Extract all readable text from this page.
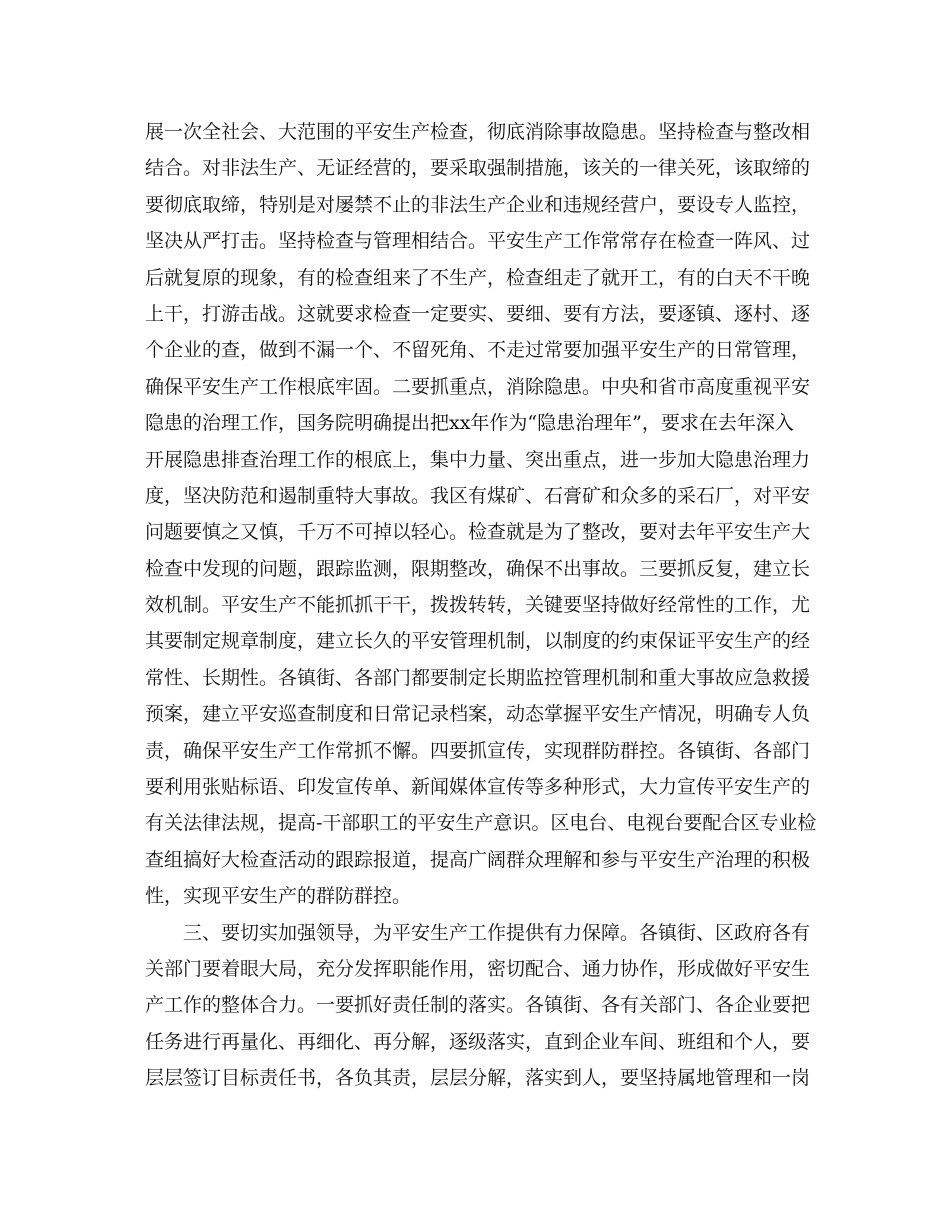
展一次全社会、大范围的平安生产检查，彻底消除事故隐患。坚持检查与整改相
结合。对非法生产、无证经营的，要采取强制措施，该关的一律关死，该取缔的
要彻底取缔，特别是对屡禁不止的非法生产企业和违规经营户，要设专人监控，
坚决从严打击。坚持检查与管理相结合。平安生产工作常常存在检查一阵风、过
后就复原的现象，有的检查组来了不生产，检查组走了就开工，有的白天不干晚
上干，打游击战。这就要求检查一定要实、要细、要有方法，要逐镇、逐村、逐
个企业的查，做到不漏一个、不留死角、不走过常要加强平安生产的日常管理，
确保平安生产工作根底牢固。二要抓重点，消除隐患。中央和省市高度重视平安
隐患的治理工作，国务院明确提出把xx年作为“隐患治理年”，要求在去年深入
开展隐患排查治理工作的根底上，集中力量、突出重点，进一步加大隐患治理力
度，坚决防范和遏制重特大事故。我区有煤矿、石膏矿和众多的采石厂，对平安
问题要慎之又慎，千万不可掉以轻心。检查就是为了整改，要对去年平安生产大
检查中发现的问题，跟踪监测，限期整改，确保不出事故。三要抓反复，建立长
效机制。平安生产不能抓抓干干，拨拨转转，关键要坚持做好经常性的工作，尤
其要制定规章制度，建立长久的平安管理机制，以制度的约束保证平安生产的经
常性、长期性。各镇街、各部门都要制定长期监控管理机制和重大事故应急救援
预案，建立平安巡查制度和日常记录档案，动态掌握平安生产情况，明确专人负
责，确保平安生产工作常抓不懈。四要抓宣传，实现群防群控。各镇街、各部门
要利用张贴标语、印发宣传单、新闻媒体宣传等多种形式，大力宣传平安生产的
有关法律法规，提高-干部职工的平安生产意识。区电台、电视台要配合区专业检
查组搞好大检查活动的跟踪报道，提高广阔群众理解和参与平安生产治理的积极
性，实现平安生产的群防群控。
三、要切实加强领导，为平安生产工作提供有力保障。各镇街、区政府各有
关部门要着眼大局，充分发挥职能作用，密切配合、通力协作，形成做好平安生
产工作的整体合力。一要抓好责任制的落实。各镇街、各有关部门、各企业要把
任务进行再量化、再细化、再分解，逐级落实，直到企业车间、班组和个人，要
层层签订目标责任书，各负其责，层层分解，落实到人，要坚持属地管理和一岗
